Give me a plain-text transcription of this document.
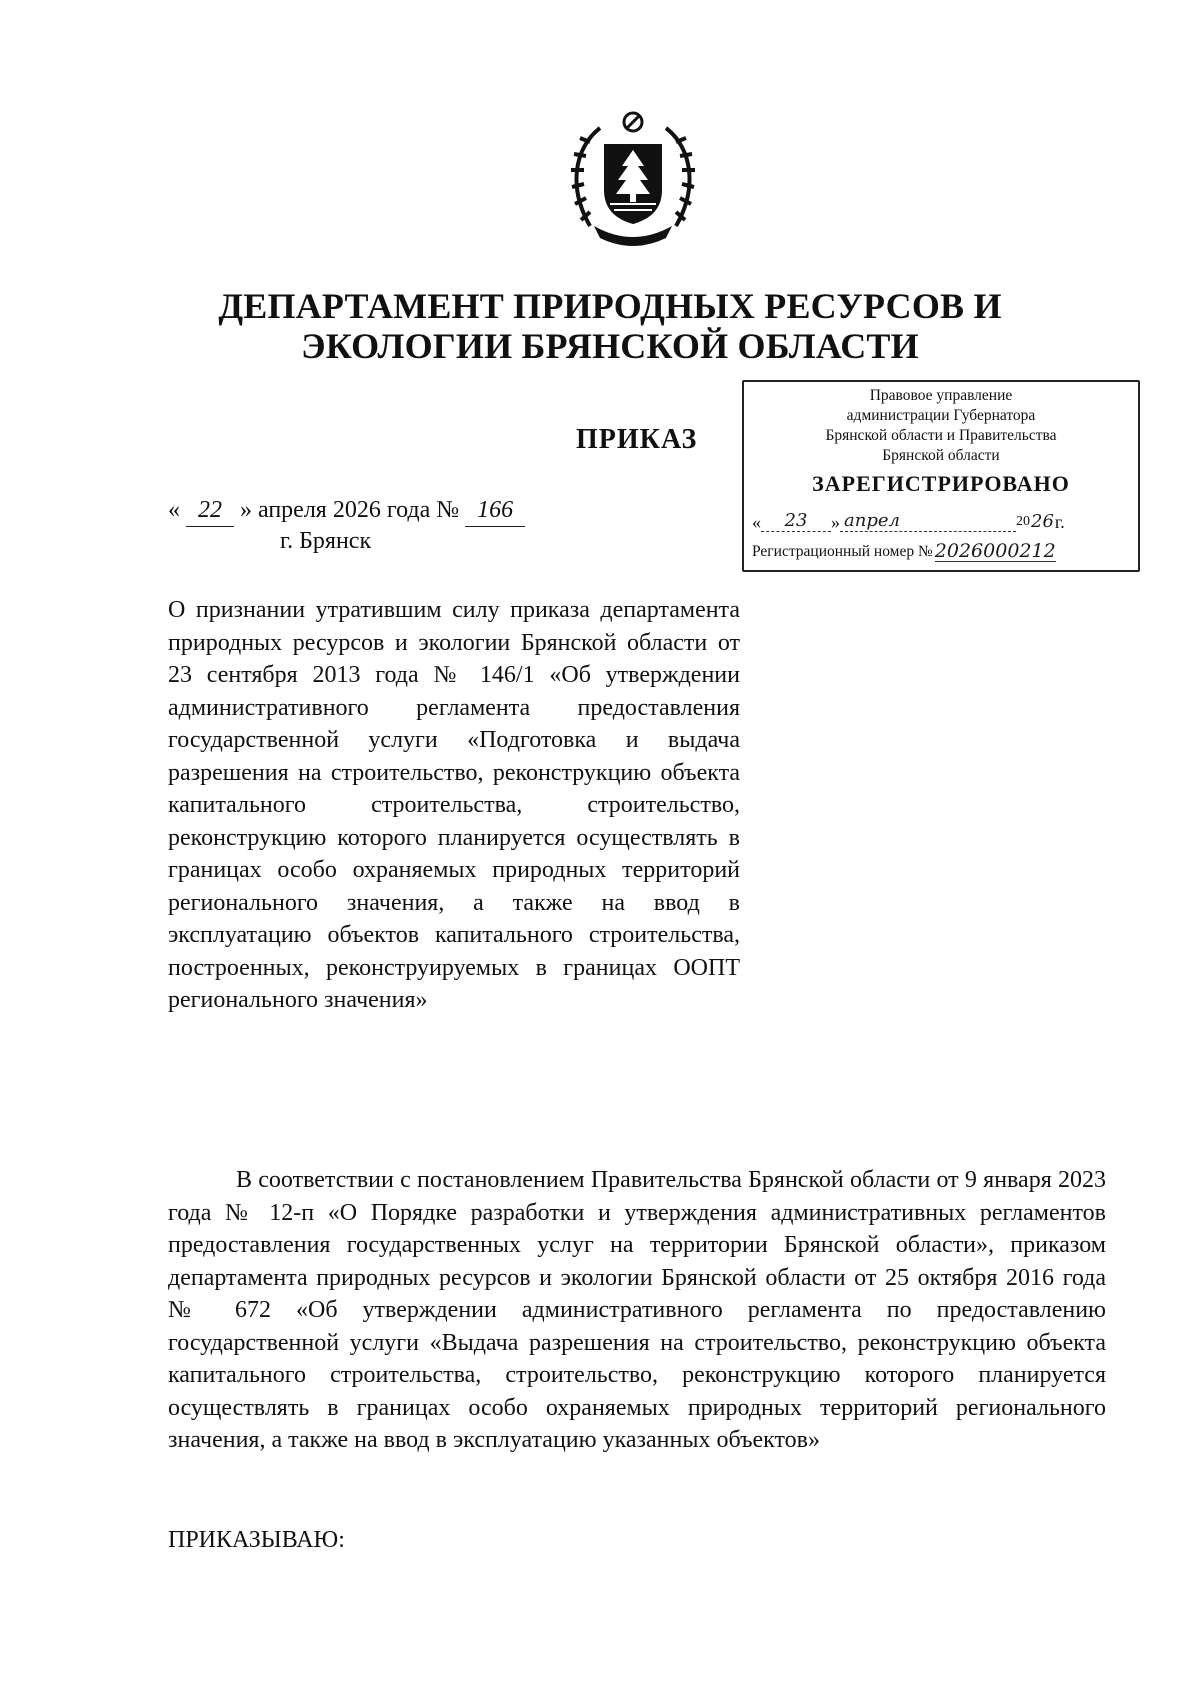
ДЕПАРТАМЕНТ ПРИРОДНЫХ РЕСУРСОВ И ЭКОЛОГИИ БРЯНСКОЙ ОБЛАСТИ
ПРИКАЗ
Правовое управление
администрации Губернатора
Брянской области и Правительства
Брянской области
ЗАРЕГИСТРИРОВАНО
«	23	» апрел	20 26 г.
Регистрационный номер № 2026000212
« 22 » апреля 2026 года № 166
г. Брянск
О признании утратившим силу приказа департамента природных ресурсов и экологии Брянской области от 23 сентября 2013 года № 146/1 «Об утверждении административного регламента предоставления государственной услуги «Подготовка и выдача разрешения на строительство, реконструкцию объекта капитального строительства, строительство, реконструкцию которого планируется осуществлять в границах особо охраняемых природных территорий регионального значения, а также на ввод в эксплуатацию объектов капитального строительства, построенных, реконструируемых в границах ООПТ регионального значения»
В соответствии с постановлением Правительства Брянской области от 9 января 2023 года № 12-п «О Порядке разработки и утверждения административных регламентов предоставления государственных услуг на территории Брянской области», приказом департамента природных ресурсов и экологии Брянской области от 25 октября 2016 года № 672 «Об утверждении административного регламента по предоставлению государственной услуги «Выдача разрешения на строительство, реконструкцию объекта капитального строительства, строительство, реконструкцию которого планируется осуществлять в границах особо охраняемых природных территорий регионального значения, а также на ввод в эксплуатацию указанных объектов»
ПРИКАЗЫВАЮ:
